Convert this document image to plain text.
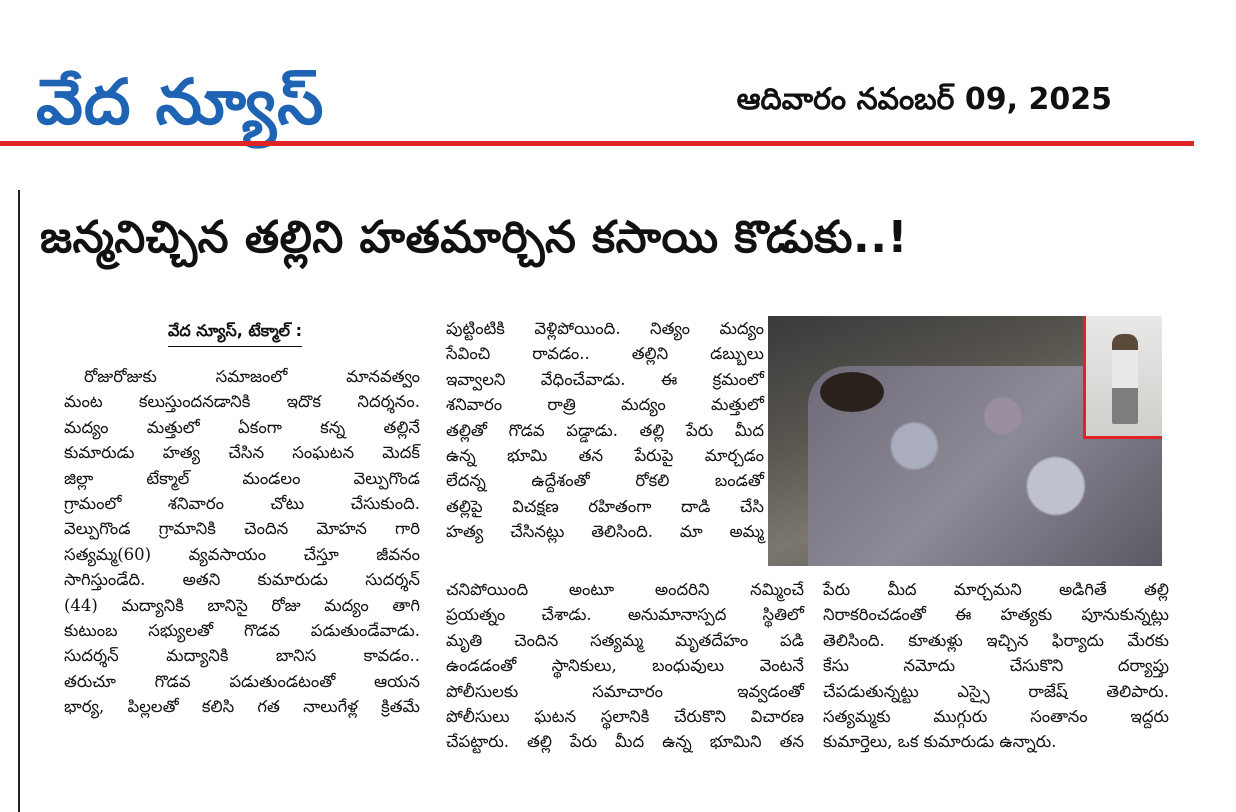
వేద న్యూస్	ఆదివారం నవంబర్ 09, 2025
జన్మనిచ్చిన తల్లిని హతమార్చిన కసాయి కొడుకు..!
వేద న్యూస్, టేక్మాల్ :
రోజురోజుకు సమాజంలో మానవత్వం
మంట కలుస్తుందనడానికి ఇదొక నిదర్శనం.
మద్యం మత్తులో ఏకంగా కన్న తల్లినే
కుమారుడు హత్య చేసిన సంఘటన మెదక్
జిల్లా టేక్మాల్ మండలం వెల్పుగొండ
గ్రామంలో శనివారం చోటు చేసుకుంది.
వెల్పుగొండ గ్రామానికి చెందిన మోహన గారి
సత్యమ్మ(60) వ్యవసాయం చేస్తూ జీవనం
సాగిస్తుండేది. అతని కుమారుడు సుదర్శన్
(44) మద్యానికి బానిసై రోజు మద్యం తాగి
కుటుంబ సభ్యులతో గొడవ పడుతుండేవాడు.
సుదర్శన్ మద్యానికి బానిస కావడం..
తరుచూ గొడవ పడుతుండటంతో ఆయన
భార్య, పిల్లలతో కలిసి గత నాలుగేళ్ల క్రితమే
పుట్టింటికి వెళ్లిపోయింది. నిత్యం మద్యం
సేవించి రావడం.. తల్లిని డబ్బులు
ఇవ్వాలని వేధించేవాడు. ఈ క్రమంలో
శనివారం రాత్రి మద్యం మత్తులో
తల్లితో గొడవ పడ్డాడు. తల్లి పేరు మీద
ఉన్న భూమి తన పేరుపై మార్చడం
లేదన్న ఉద్దేశంతో రోకలి బండతో
తల్లిపై విచక్షణ రహితంగా దాడి చేసి
హత్య చేసినట్లు తెలిసింది. మా అమ్మ
చనిపోయింది అంటూ అందరిని నమ్మించే
ప్రయత్నం చేశాడు. అనుమానాస్పద స్థితిలో
మృతి చెందిన సత్యమ్మ మృతదేహం పడి
ఉండడంతో స్థానికులు, బంధువులు వెంటనే
పోలీసులకు సమాచారం ఇవ్వడంతో
పోలీసులు ఘటన స్థలానికి చేరుకొని విచారణ
చేపట్టారు. తల్లి పేరు మీద ఉన్న భూమిని తన
పేరు మీద మార్చమని అడిగితే తల్లి
నిరాకరించడంతో ఈ హత్యకు పూనుకున్నట్లు
తెలిసింది. కూతుళ్లు ఇచ్చిన ఫిర్యాదు మేరకు
కేసు నమోదు చేసుకొని దర్యాప్తు
చేపడుతున్నట్టు ఎస్సై రాజేష్ తెలిపారు.
సత్యమ్మకు ముగ్గురు సంతానం ఇద్దరు
కుమార్తెలు, ఒక కుమారుడు ఉన్నారు.
